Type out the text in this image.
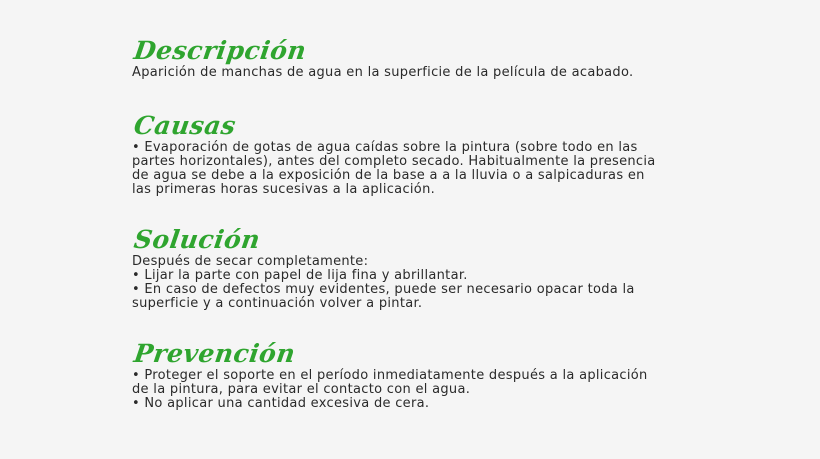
Descripción

Aparición de manchas de agua en la superficie de la película de acabado.

Causas

• Evaporación de gotas de agua caídas sobre la pintura (sobre todo en las
partes horizontales), antes del completo secado. Habitualmente la presencia
de agua se debe a la exposición de la base a a la lluvia o a salpicaduras en
las primeras horas sucesivas a la aplicación.

Solución

Después de secar completamente:
• Lijar la parte con papel de lija fina y abrillantar.
• En caso de defectos muy evidentes, puede ser necesario opacar toda la
superficie y a continuación volver a pintar.

Prevención

• Proteger el soporte en el período inmediatamente después a la aplicación
de la pintura, para evitar el contacto con el agua.
• No aplicar una cantidad excesiva de cera.
